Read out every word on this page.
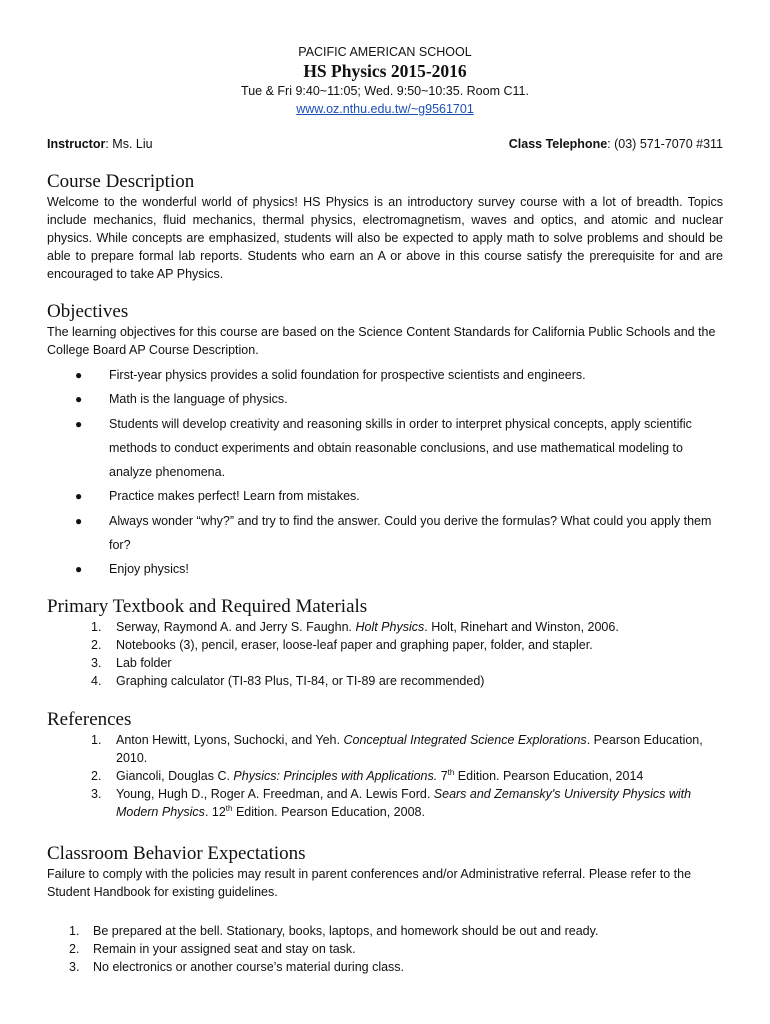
PACIFIC AMERICAN SCHOOL
HS Physics 2015-2016
Tue & Fri 9:40~11:05; Wed. 9:50~10:35. Room C11.
www.oz.nthu.edu.tw/~g9561701
Instructor: Ms. Liu	Class Telephone: (03) 571-7070 #311
Course Description

Welcome to the wonderful world of physics! HS Physics is an introductory survey course with a lot of breadth. Topics include mechanics, fluid mechanics, thermal physics, electromagnetism, waves and optics, and atomic and nuclear physics. While concepts are emphasized, students will also be expected to apply math to solve problems and should be able to prepare formal lab reports. Students who earn an A or above in this course satisfy the prerequisite for and are encouraged to take AP Physics.

Objectives

The learning objectives for this course are based on the Science Content Standards for California Public Schools and the College Board AP Course Description.

● First-year physics provides a solid foundation for prospective scientists and engineers.
● Math is the language of physics.
● Students will develop creativity and reasoning skills in order to interpret physical concepts, apply scientific methods to conduct experiments and obtain reasonable conclusions, and use mathematical modeling to analyze phenomena.
● Practice makes perfect! Learn from mistakes.
● Always wonder “why?” and try to find the answer. Could you derive the formulas? What could you apply them for?
● Enjoy physics!
Primary Textbook and Required Materials
1. Serway, Raymond A. and Jerry S. Faughn. Holt Physics. Holt, Rinehart and Winston, 2006.
2. Notebooks (3), pencil, eraser, loose-leaf paper and graphing paper, folder, and stapler.
3. Lab folder
4. Graphing calculator (TI-83 Plus, TI-84, or TI-89 are recommended)
References
1. Anton Hewitt, Lyons, Suchocki, and Yeh. Conceptual Integrated Science Explorations. Pearson Education, 2010.
2. Giancoli, Douglas C. Physics: Principles with Applications. 7th Edition. Pearson Education, 2014
3. Young, Hugh D., Roger A. Freedman, and A. Lewis Ford. Sears and Zemansky's University Physics with Modern Physics. 12th Edition. Pearson Education, 2008.
Classroom Behavior Expectations

Failure to comply with the policies may result in parent conferences and/or Administrative referral. Please refer to the Student Handbook for existing guidelines.

1. Be prepared at the bell. Stationary, books, laptops, and homework should be out and ready.
2. Remain in your assigned seat and stay on task.
3. No electronics or another course’s material during class.
